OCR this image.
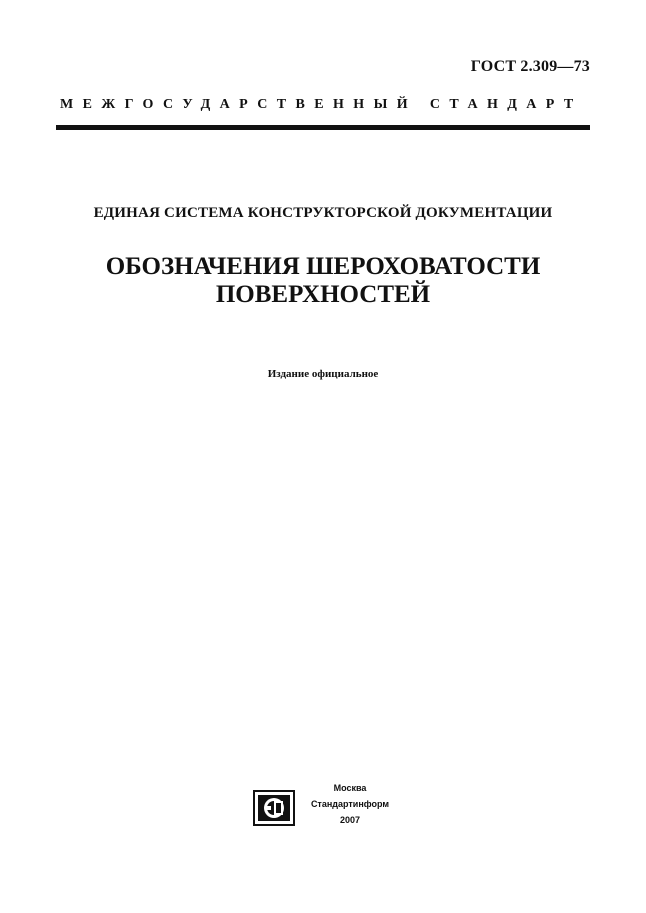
ГОСТ 2.309—73
МЕЖГОСУДАРСТВЕННЫЙ СТАНДАРТ
ЕДИНАЯ СИСТЕМА КОНСТРУКТОРСКОЙ ДОКУМЕНТАЦИИ
ОБОЗНАЧЕНИЯ ШЕРОХОВАТОСТИ
ПОВЕРХНОСТЕЙ
Издание официальное
Москва
Стандартинформ
2007
